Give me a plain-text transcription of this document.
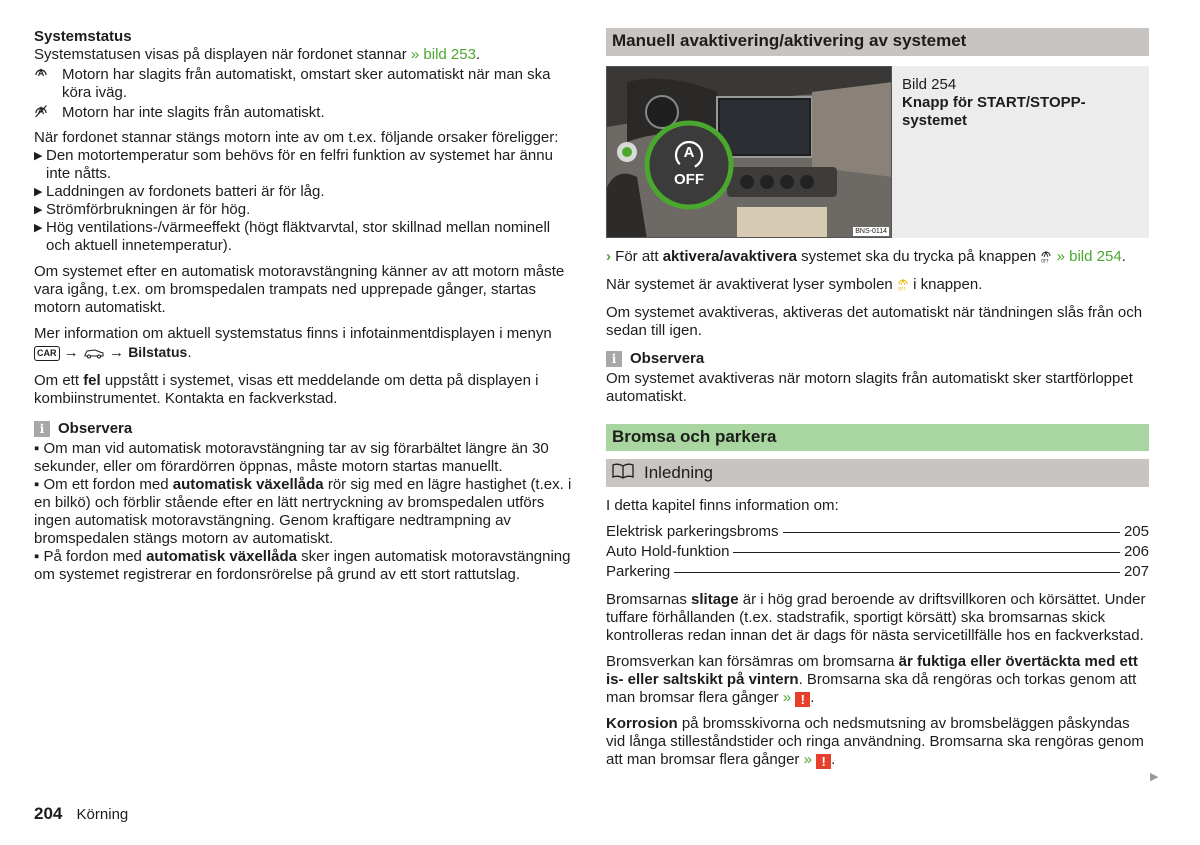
Systemstatus

Systemstatusen visas på displayen när fordonet stannar » bild 253.

Motorn har slagits från automatiskt, omstart sker automatiskt när man ska köra iväg.
Motorn har inte slagits från automatiskt.
När fordonet stannar stängs motorn inte av om t.ex. följande orsaker föreligger:
▶ Den motortemperatur som behövs för en felfri funktion av systemet har ännu inte nåtts.
▶ Laddningen av fordonets batteri är för låg.
▶ Strömförbrukningen är för hög.
▶ Hög ventilations-/värmeeffekt (högt fläktvarvtal, stor skillnad mellan nominell och aktuell innetemperatur).

Om systemet efter en automatisk motoravstängning känner av att motorn måste vara igång, t.ex. om bromspedalen trampats ned upprepade gånger, startas motorn automatiskt.

Mer information om aktuell systemstatus finns i infotainmentdisplayen i menyn CAR → → Bilstatus.

Om ett fel uppstått i systemet, visas ett meddelande om detta på displayen i kombiinstrumentet. Kontakta en fackverkstad.

i Observera
▪ Om man vid automatisk motoravstängning tar av sig förarbältet längre än 30 sekunder, eller om förardörren öppnas, måste motorn startas manuellt.
▪ Om ett fordon med automatisk växellåda rör sig med en lägre hastighet (t.ex. i en bilkö) och förblir stående efter en lätt nertryckning av bromspedalen utförs ingen automatisk motoravstängning. Genom kraftigare nedtrampning av bromspedalen stängs motorn av automatiskt.
▪ På fordon med automatisk växellåda sker ingen automatisk motoravstängning om systemet registrerar en fordonsrörelse på grund av ett stort rattutslag.
Manuell avaktivering/aktivering av systemet
A
OFF
BNS-0114
Bild 254
Knapp för START/STOPP-systemet

› För att aktivera/avaktivera systemet ska du trycka på knappen OFF » bild 254.

När systemet är avaktiverat lyser symbolen OFF i knappen.

Om systemet avaktiveras, aktiveras det automatiskt när tändningen slås från och sedan till igen.

i Observera

Om systemet avaktiveras när motorn slagits från automatiskt sker startförloppet automatiskt.

Bromsa och parkera
Inledning

I detta kapitel finns information om:

Elektrisk parkeringsbroms	205
Auto Hold-funktion	206
Parkering	207

Bromsarnas slitage är i hög grad beroende av driftsvillkoren och körsättet. Under tuffare förhållanden (t.ex. stadstrafik, sportigt körsätt) ska bromsarnas skick kontrolleras redan innan det är dags för nästa servicetillfälle hos en fackverkstad.

Bromsverkan kan försämras om bromsarna är fuktiga eller övertäckta med ett is- eller saltskikt på vintern. Bromsarna ska då rengöras och torkas genom att man bromsar flera gånger » ! .

Korrosion på bromsskivorna och nedsmutsning av bromsbeläggen påskyndas vid långa stilleståndstider och ringa användning. Bromsarna ska rengöras genom att man bromsar flera gånger » ! .

▶
204 Körning
